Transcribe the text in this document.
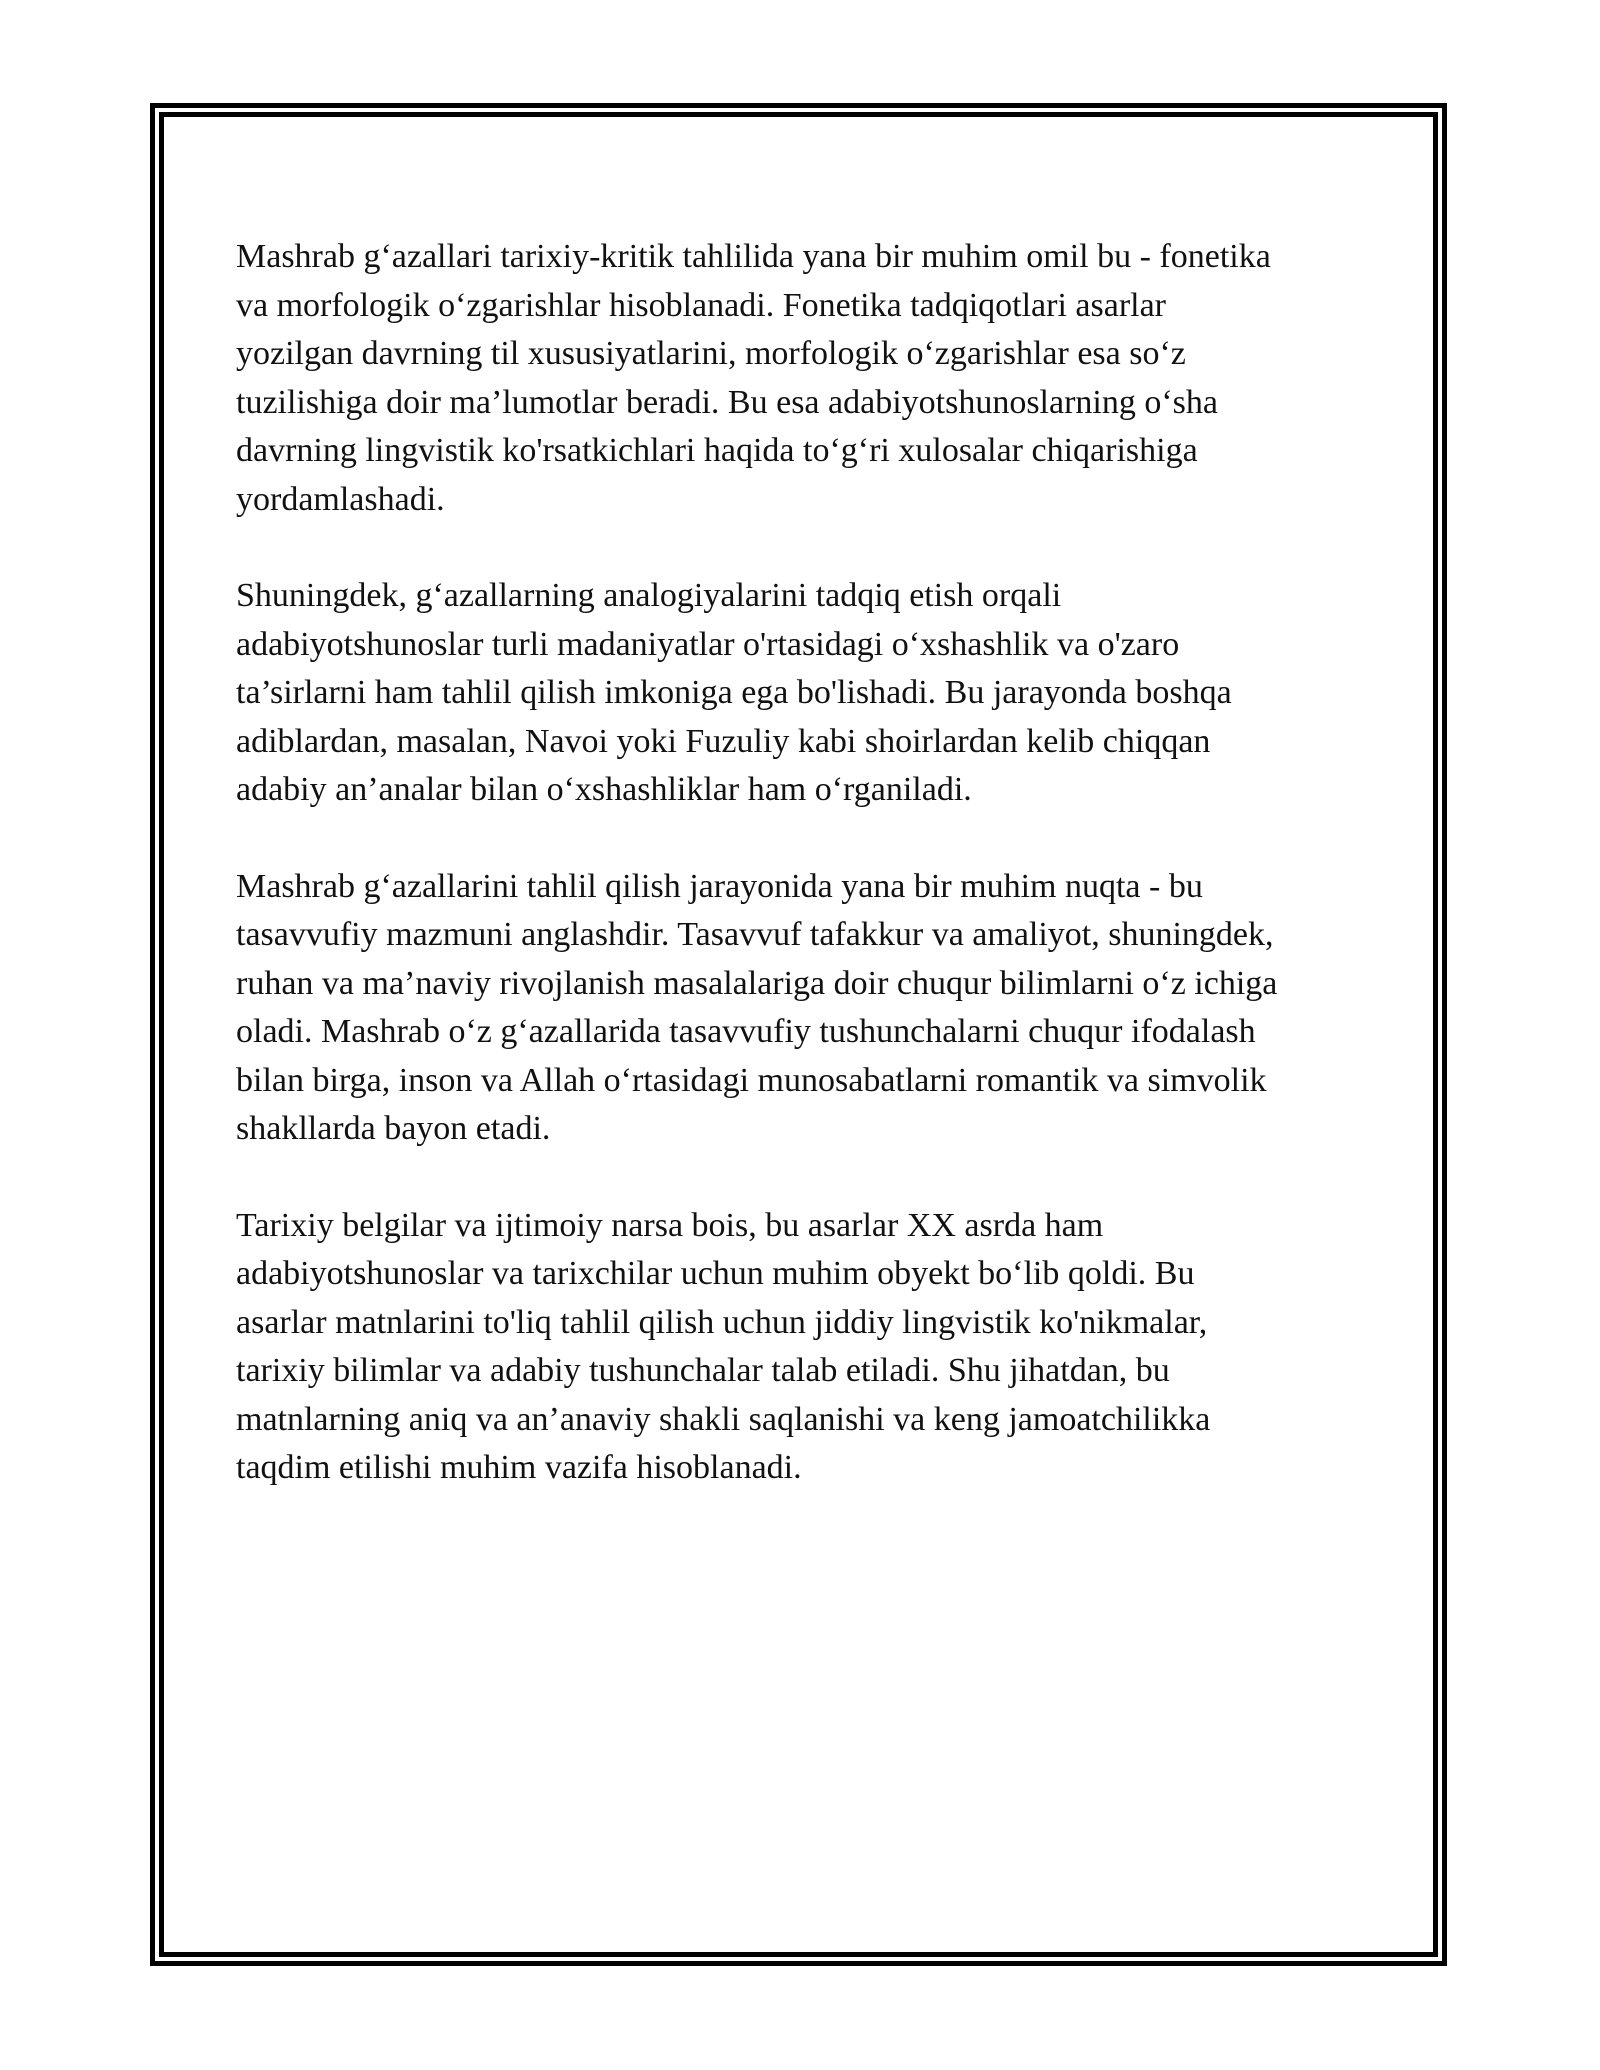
Mashrab g‘azallari tarixiy-kritik tahlilida yana bir muhim omil bu - fonetika
va morfologik o‘zgarishlar hisoblanadi. Fonetika tadqiqotlari asarlar
yozilgan davrning til xususiyatlarini, morfologik o‘zgarishlar esa so‘z
tuzilishiga doir ma’lumotlar beradi. Bu esa adabiyotshunoslarning o‘sha
davrning lingvistik ko'rsatkichlari haqida to‘g‘ri xulosalar chiqarishiga
yordamlashadi.

Shuningdek, g‘azallarning analogiyalarini tadqiq etish orqali
adabiyotshunoslar turli madaniyatlar o'rtasidagi o‘xshashlik va o'zaro
ta’sirlarni ham tahlil qilish imkoniga ega bo'lishadi. Bu jarayonda boshqa
adiblardan, masalan, Navoi yoki Fuzuliy kabi shoirlardan kelib chiqqan
adabiy an’analar bilan o‘xshashliklar ham o‘rganiladi.

Mashrab g‘azallarini tahlil qilish jarayonida yana bir muhim nuqta - bu
tasavvufiy mazmuni anglashdir. Tasavvuf tafakkur va amaliyot, shuningdek,
ruhan va ma’naviy rivojlanish masalalariga doir chuqur bilimlarni o‘z ichiga
oladi. Mashrab o‘z g‘azallarida tasavvufiy tushunchalarni chuqur ifodalash
bilan birga, inson va Allah o‘rtasidagi munosabatlarni romantik va simvolik
shakllarda bayon etadi.

Tarixiy belgilar va ijtimoiy narsa bois, bu asarlar XX asrda ham
adabiyotshunoslar va tarixchilar uchun muhim obyekt bo‘lib qoldi. Bu
asarlar matnlarini to'liq tahlil qilish uchun jiddiy lingvistik ko'nikmalar,
tarixiy bilimlar va adabiy tushunchalar talab etiladi. Shu jihatdan, bu
matnlarning aniq va an’anaviy shakli saqlanishi va keng jamoatchilikka
taqdim etilishi muhim vazifa hisoblanadi.
